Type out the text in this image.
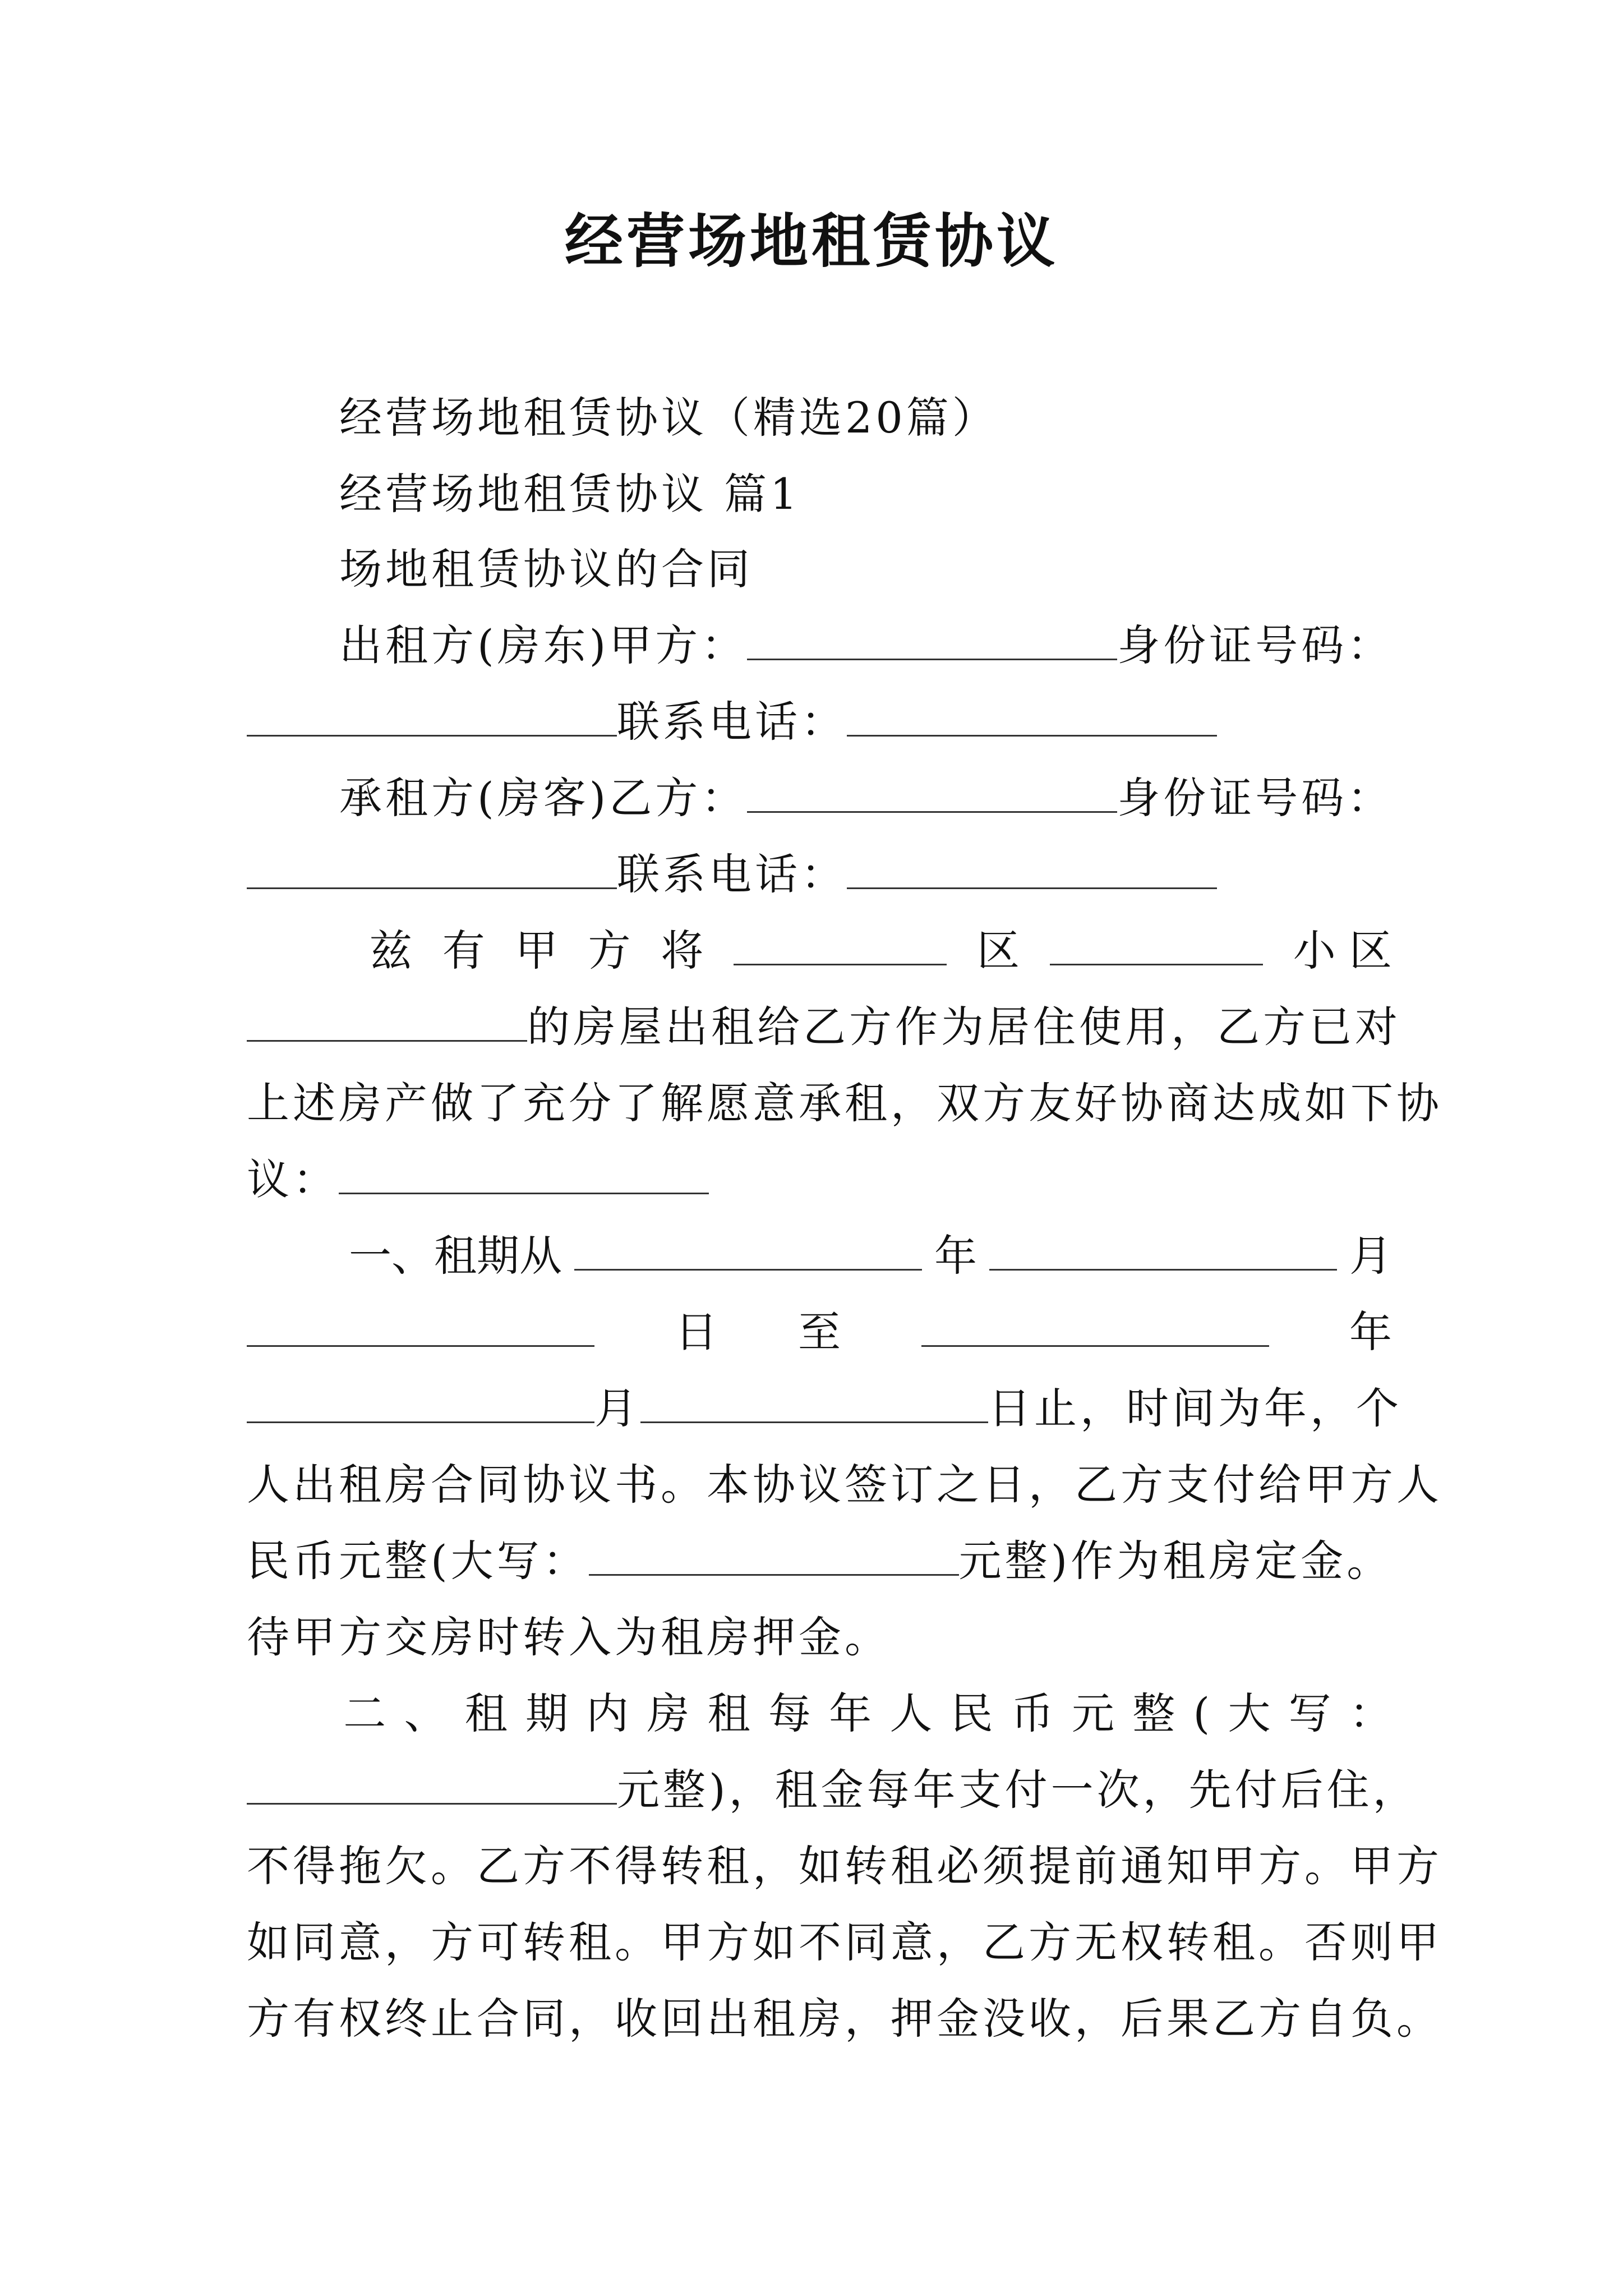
经营场地租赁协议
经营场地租赁协议（精选20篇）
经营场地租赁协议 篇1
场地租赁协议的合同
出租方(房东)甲方：	身份证号码：
联系电话：
承租方(房客)乙方：	身份证号码：
联系电话：
兹 有 甲 方 将	区	小 区
的房屋出租给乙方作为居住使用，乙方已对
上述房产做了充分了解愿意承租，双方友好协商达成如下协
议：
一、租期从	年	月
日 至	年
月	日止，时间为年，个
人出租房合同协议书。本协议签订之日，乙方支付给甲方人
民币元整(大写：	元整)作为租房定金。
待甲方交房时转入为租房押金。
二 、 租 期 内 房 租 每 年 人 民 币 元 整 ( 大 写 ：
元整)，租金每年支付一次，先付后住，
不得拖欠。乙方不得转租，如转租必须提前通知甲方。甲方
如同意，方可转租。甲方如不同意，乙方无权转租。否则甲
方有权终止合同，收回出租房，押金没收，后果乙方自负。
